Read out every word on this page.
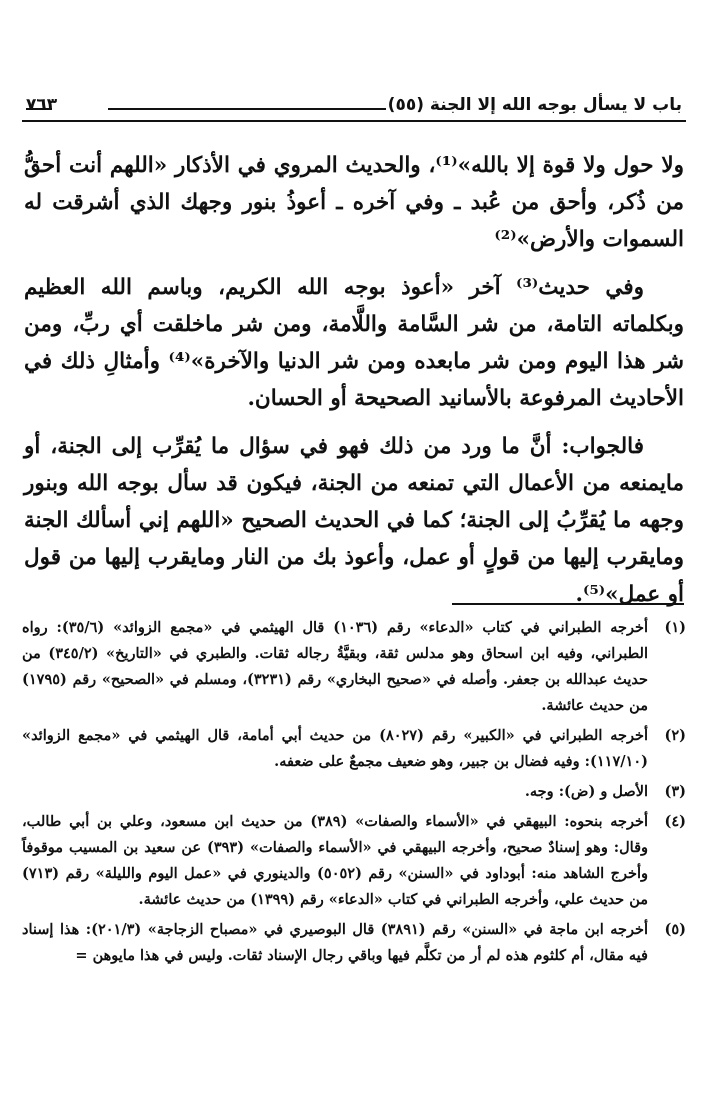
باب لا يسأل بوجه الله إلا الجنة (٥٥)
٧٦٣

ولا حول ولا قوة إلا بالله»⁽¹⁾، والحديث المروي في الأذكار «اللهم أنت أحقُّ من ذُكر، وأحق من عُبد ـ وفي آخره ـ أعوذُ بنور وجهك الذي أشرقت له السموات والأرض»⁽²⁾

وفي حديث⁽³⁾ آخر «أعوذ بوجه الله الكريم، وباسم الله العظيم وبكلماته التامة، من شر السَّامة واللَّامة، ومن شر ماخلقت أي ربِّ، ومن شر هذا اليوم ومن شر مابعده ومن شر الدنيا والآخرة»⁽⁴⁾ وأمثالِ ذلك في الأحاديث المرفوعة بالأسانيد الصحيحة أو الحسان.

فالجواب: أنَّ ما ورد من ذلك فهو في سؤال ما يُقرِّب إلى الجنة، أو مايمنعه من الأعمال التي تمنعه من الجنة، فيكون قد سأل بوجه الله وبنور وجهه ما يُقرِّبُ إلى الجنة؛ كما في الحديث الصحيح «اللهم إني أسألك الجنة ومايقرب إليها من قولٍ أو عمل، وأعوذ بك من النار ومايقرب إليها من قول أو عمل»⁽⁵⁾.

(١)
أخرجه الطبراني في كتاب «الدعاء» رقم (١٠٣٦) قال الهيثمي في «مجمع الزوائد» (٣٥/٦): رواه الطبراني، وفيه ابن اسحاق وهو مدلس ثقة، وبقيَّةُ رجاله ثقات. والطبري في «التاريخ» (٣٤٥/٢) من حديث عبدالله بن جعفر. وأصله في «صحيح البخاري» رقم (٣٢٣١)، ومسلم في «الصحيح» رقم (١٧٩٥) من حديث عائشة.
(٢)
أخرجه الطبراني في «الكبير» رقم (٨٠٢٧) من حديث أبي أمامة، قال الهيثمي في «مجمع الزوائد» (١١٧/١٠): وفيه فضال بن جبير، وهو ضعيف مجمعٌ على ضعفه.
(٣)
الأصل و (ض): وجه.
(٤)
أخرجه بنحوه: البيهقي في «الأسماء والصفات» (٣٨٩) من حديث ابن مسعود، وعلي بن أبي طالب، وقال: وهو إسنادٌ صحيح، وأخرجه البيهقي في «الأسماء والصفات» (٣٩٣) عن سعيد بن المسيب موقوفاً وأخرج الشاهد منه: أبوداود في «السنن» رقم (٥٠٥٢) والدينوري في «عمل اليوم والليلة» رقم (٧١٣) من حديث علي، وأخرجه الطبراني في كتاب «الدعاء» رقم (١٣٩٩) من حديث عائشة.
(٥)
أخرجه ابن ماجة في «السنن» رقم (٣٨٩١) قال البوصيري في «مصباح الزجاجة» (٢٠١/٣): هذا إسناد فيه مقال، أم كلثوم هذه لم أر من تكلَّم فيها وباقي رجال الإسناد ثقات. وليس في هذا مايوهن =
